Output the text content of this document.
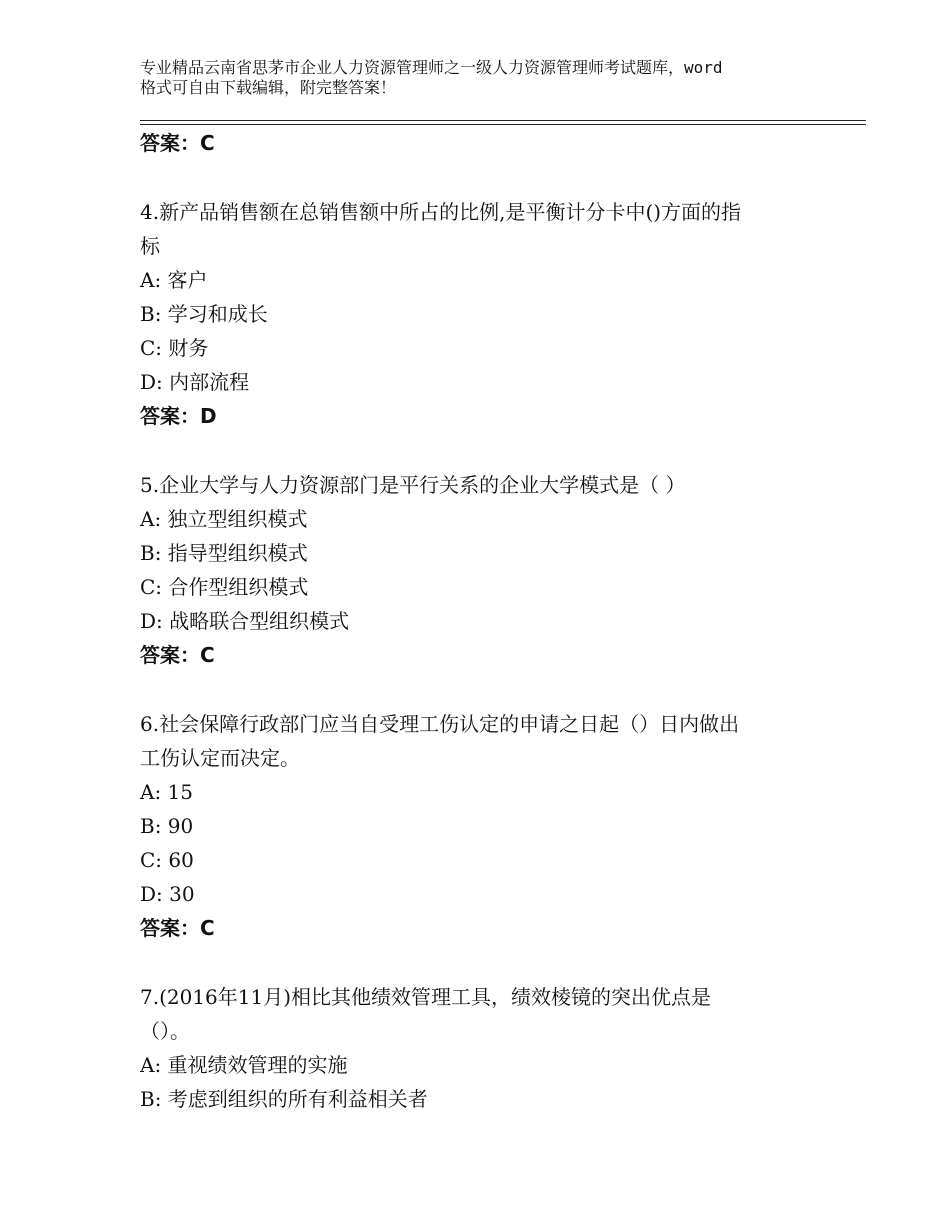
专业精品云南省思茅市企业人力资源管理师之一级人力资源管理师考试题库，word
格式可自由下载编辑，附完整答案！
答案：C
4.新产品销售额在总销售额中所占的比例,是平衡计分卡中()方面的指
标
A: 客户
B: 学习和成长
C: 财务
D: 内部流程
答案：D
5.企业大学与人力资源部门是平行关系的企业大学模式是（ ）
A: 独立型组织模式
B: 指导型组织模式
C: 合作型组织模式
D: 战略联合型组织模式
答案：C
6.社会保障行政部门应当自受理工伤认定的申请之日起（）日内做出
工伤认定而决定。
A: 15
B: 90
C: 60
D: 30
答案：C
7.(2016年11月)相比其他绩效管理工具，绩效棱镜的突出优点是
（）。
A: 重视绩效管理的实施
B: 考虑到组织的所有利益相关者
